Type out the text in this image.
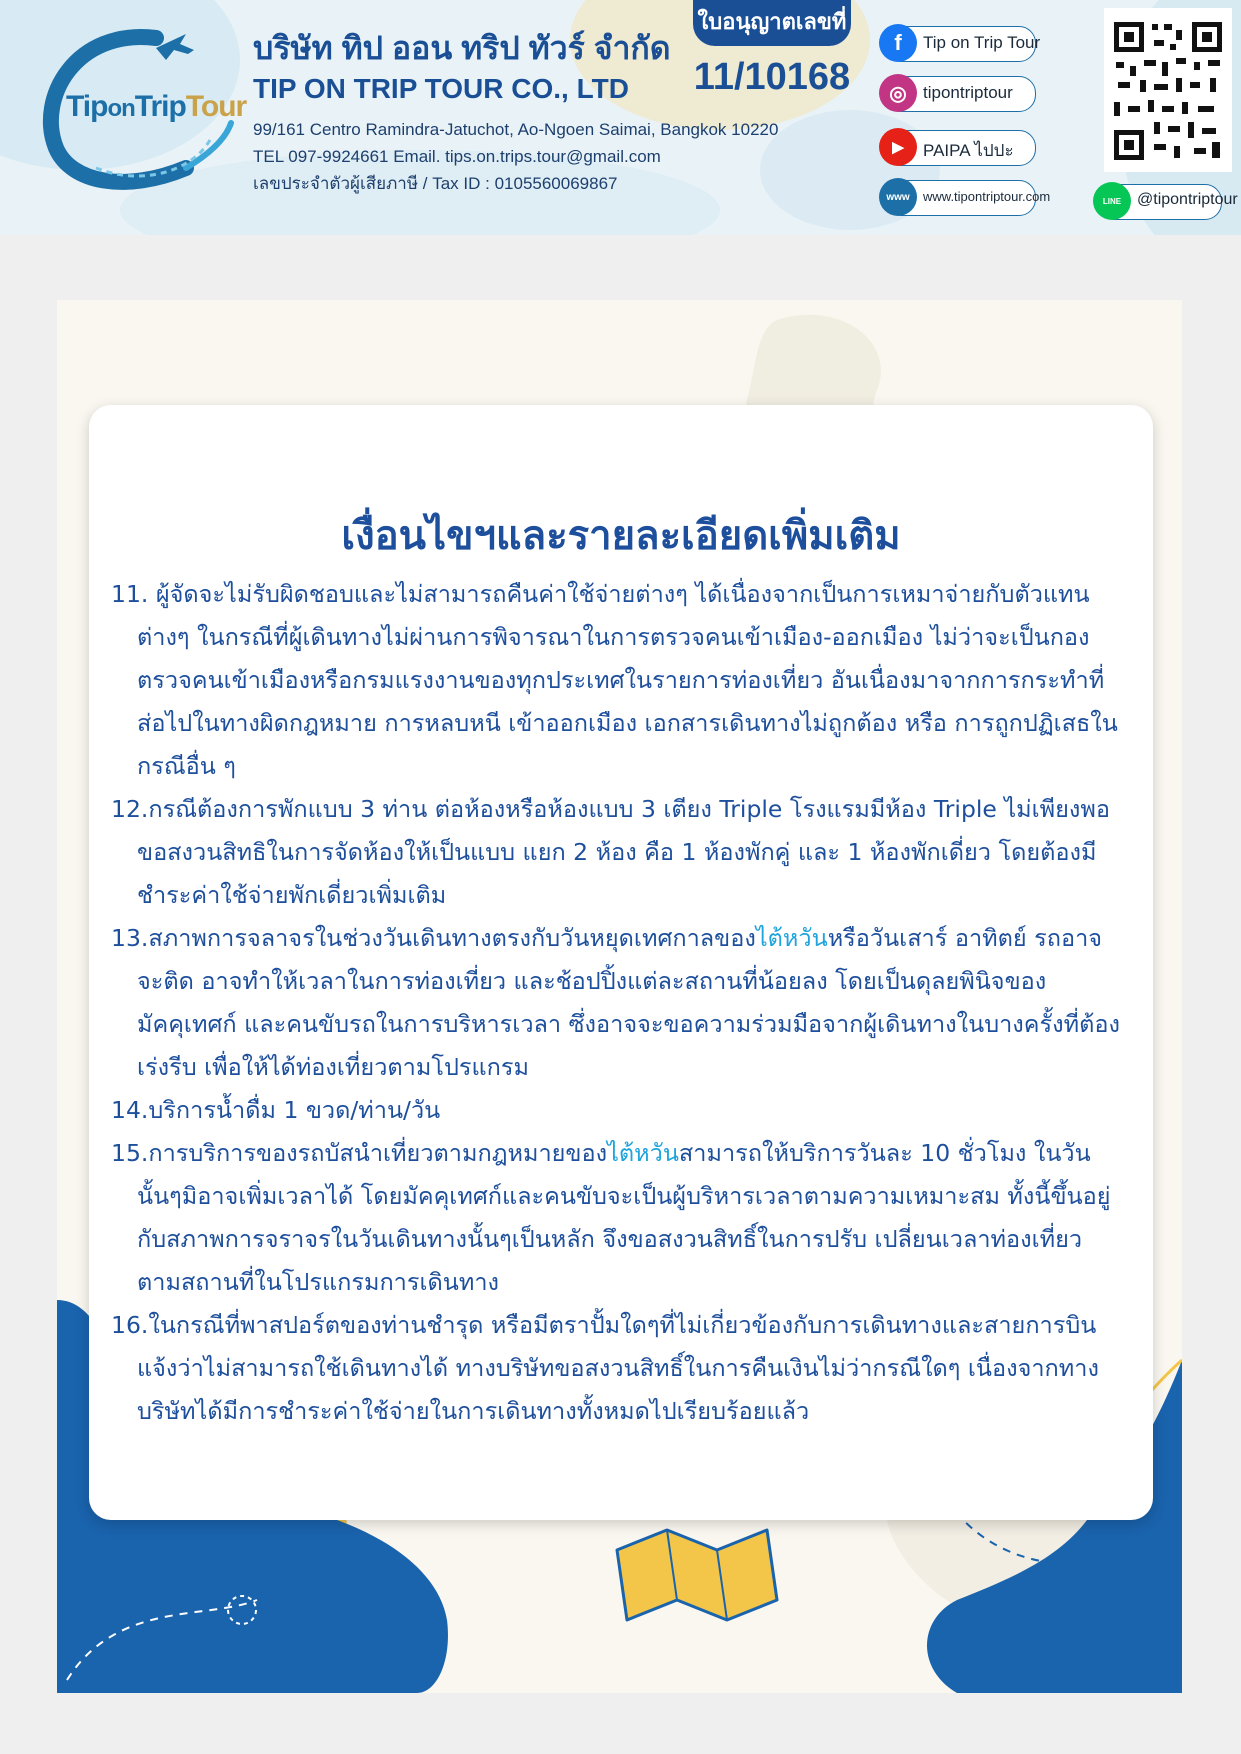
TiponTripTour
บริษัท ทิป ออน ทริป ทัวร์ จำกัด
TIP ON TRIP TOUR CO., LTD
99/161 Centro Ramindra-Jatuchot, Ao-Ngoen Saimai, Bangkok 10220
TEL 097-9924661 Email. tips.on.trips.tour@gmail.com
เลขประจำตัวผู้เสียภาษี / Tax ID : 0105560069867
ใบอนุญาตเลขที่
11/10168
f	Tip on Trip Tour
◎ tipontriptour
▶	PAIPA ไปปะ
www	www.tipontriptour.com	LINE @tipontriptour
เงื่อนไขฯและรายละเอียดเพิ่มเติม
11. ผู้จัดจะไม่รับผิดชอบและไม่สามารถคืนค่าใช้จ่ายต่างๆ ได้เนื่องจากเป็นการเหมาจ่ายกับตัวแทนต่างๆ ในกรณีที่ผู้เดินทางไม่ผ่านการพิจารณาในการตรวจคนเข้าเมือง-ออกเมือง ไม่ว่าจะเป็นกองตรวจคนเข้าเมืองหรือกรมแรงงานของทุกประเทศในรายการท่องเที่ยว อันเนื่องมาจากการกระทำที่ส่อไปในทางผิดกฎหมาย การหลบหนี เข้าออกเมือง เอกสารเดินทางไม่ถูกต้อง หรือ การถูกปฏิเสธในกรณีอื่น ๆ
12.กรณีต้องการพักแบบ 3 ท่าน ต่อห้องหรือห้องแบบ 3 เตียง Triple โรงแรมมีห้อง Triple ไม่เพียงพอ ขอสงวนสิทธิในการจัดห้องให้เป็นแบบ แยก 2 ห้อง คือ 1 ห้องพักคู่ และ 1 ห้องพักเดี่ยว โดยต้องมีชำระค่าใช้จ่ายพักเดี่ยวเพิ่มเติม
13.สภาพการจลาจรในช่วงวันเดินทางตรงกับวันหยุดเทศกาลของไต้หวันหรือวันเสาร์ อาทิตย์ รถอาจจะติด อาจทำให้เวลาในการท่องเที่ยว และช้อปปิ้งแต่ละสถานที่น้อยลง โดยเป็นดุลยพินิจของมัคคุเทศก์ และคนขับรถในการบริหารเวลา ซึ่งอาจจะขอความร่วมมือจากผู้เดินทางในบางครั้งที่ต้องเร่งรีบ เพื่อให้ได้ท่องเที่ยวตามโปรแกรม
14.บริการน้ำดื่ม 1 ขวด/ท่าน/วัน
15.การบริการของรถบัสนำเที่ยวตามกฎหมายของไต้หวันสามารถให้บริการวันละ 10 ชั่วโมง ในวันนั้นๆมิอาจเพิ่มเวลาได้ โดยมัคคุเทศก์และคนขับจะเป็นผู้บริหารเวลาตามความเหมาะสม ทั้งนี้ขึ้นอยู่กับสภาพการจราจรในวันเดินทางนั้นๆเป็นหลัก จึงขอสงวนสิทธิ์ในการปรับ เปลี่ยนเวลาท่องเที่ยวตามสถานที่ในโปรแกรมการเดินทาง
16.ในกรณีที่พาสปอร์ตของท่านชำรุด หรือมีตราปั้มใดๆที่ไม่เกี่ยวข้องกับการเดินทางและสายการบินแจ้งว่าไม่สามารถใช้เดินทางได้ ทางบริษัทขอสงวนสิทธิ์ในการคืนเงินไม่ว่ากรณีใดๆ เนื่องจากทางบริษัทได้มีการชำระค่าใช้จ่ายในการเดินทางทั้งหมดไปเรียบร้อยแล้ว
